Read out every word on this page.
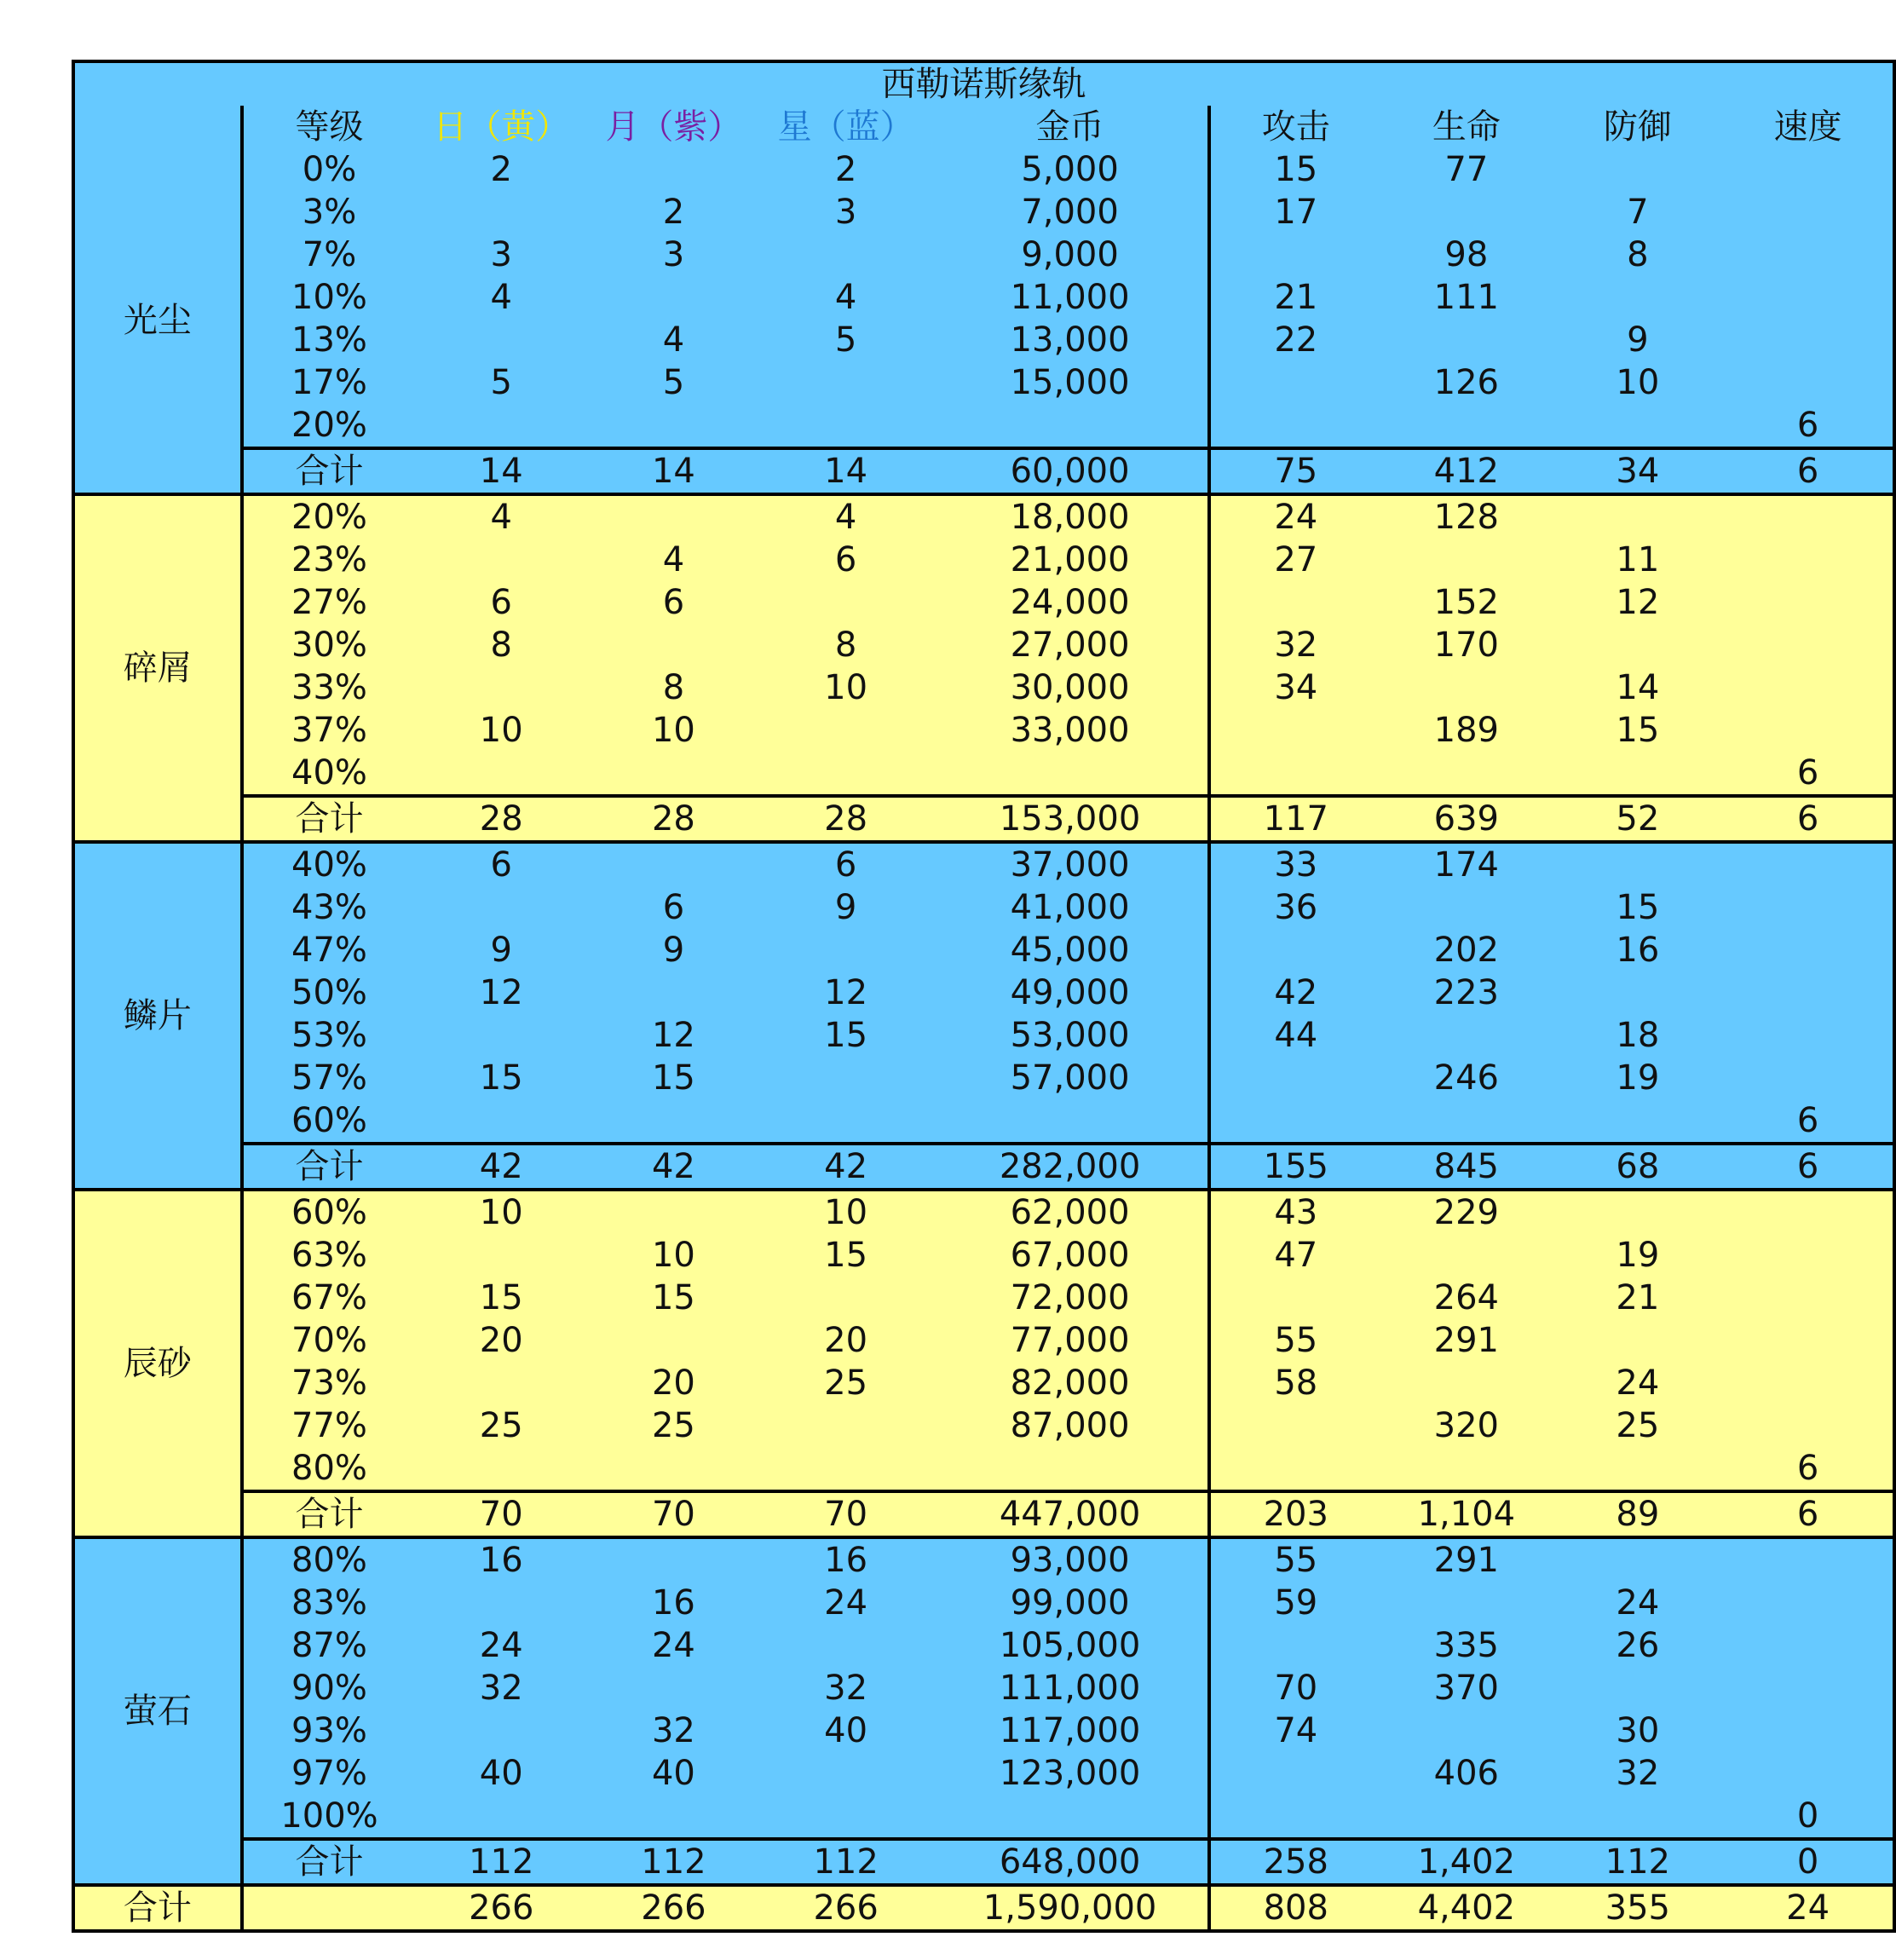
西勒诺斯缘轨									
	等级	日（黄）	月（紫）	星（蓝）	金币	攻击	生命	防御	速度
光尘	0%	2		2	5,000	15	77		
	3%		2	3	7,000	17		7	
	7%	3	3		9,000		98	8	
	10%	4		4	11,000	21	111		
	13%		4	5	13,000	22		9	
	17%	5	5		15,000		126	10	
	20%								6
	合计	14	14	14	60,000	75	412	34	6
碎屑	20%	4		4	18,000	24	128		
	23%		4	6	21,000	27		11	
	27%	6	6		24,000		152	12	
	30%	8		8	27,000	32	170		
	33%		8	10	30,000	34		14	
	37%	10	10		33,000		189	15	
	40%								6
	合计	28	28	28	153,000	117	639	52	6
鳞片	40%	6		6	37,000	33	174		
	43%		6	9	41,000	36		15	
	47%	9	9		45,000		202	16	
	50%	12		12	49,000	42	223		
	53%		12	15	53,000	44		18	
	57%	15	15		57,000		246	19	
	60%								6
	合计	42	42	42	282,000	155	845	68	6
辰砂	60%	10		10	62,000	43	229		
	63%		10	15	67,000	47		19	
	67%	15	15		72,000		264	21	
	70%	20		20	77,000	55	291		
	73%		20	25	82,000	58		24	
	77%	25	25		87,000		320	25	
	80%								6
	合计	70	70	70	447,000	203	1,104	89	6
萤石	80%	16		16	93,000	55	291		
	83%		16	24	99,000	59		24	
	87%	24	24		105,000		335	26	
	90%	32		32	111,000	70	370		
	93%		32	40	117,000	74		30	
	97%	40	40		123,000		406	32	
	100%								0
	合计	112	112	112	648,000	258	1,402	112	0
合计		266	266	266	1,590,000	808	4,402	355	24
